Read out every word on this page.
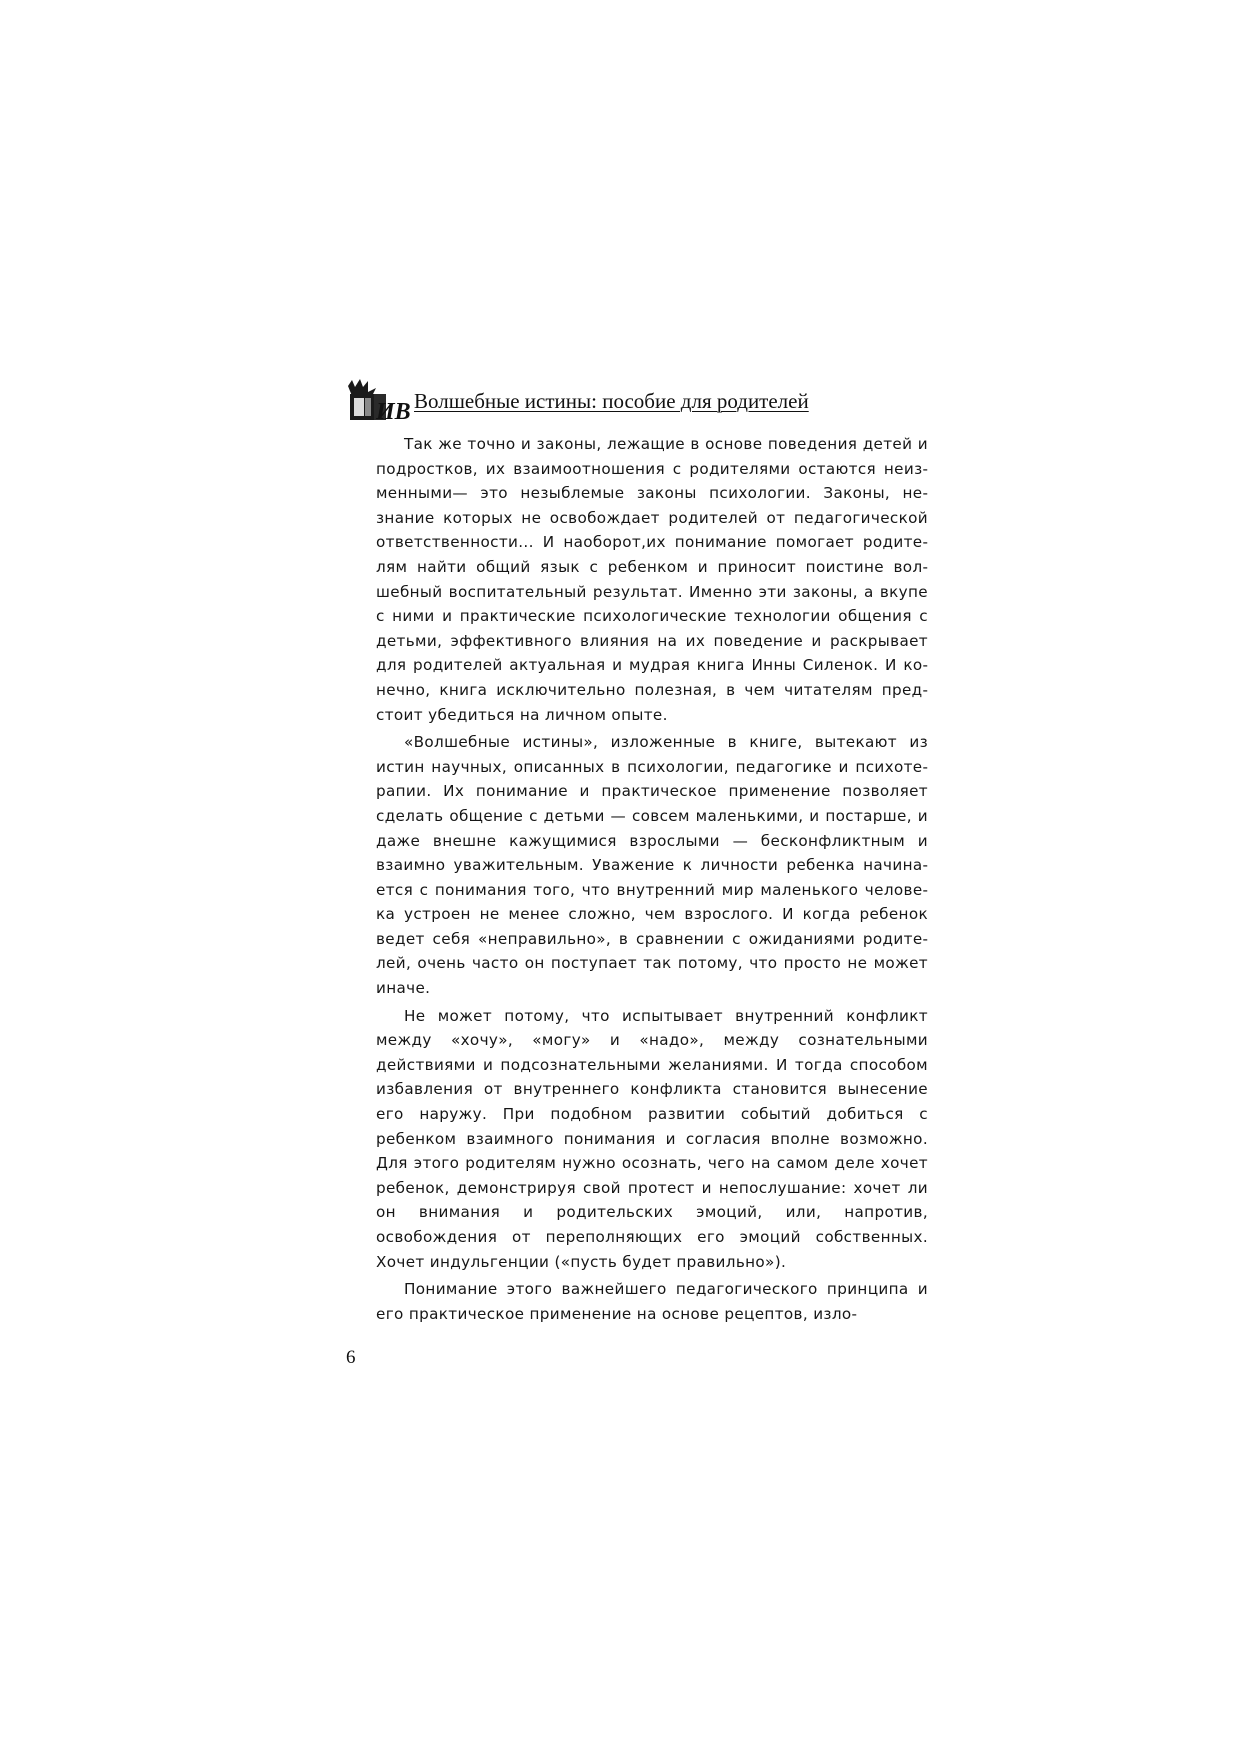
ИВ Волшебные истины: пособие для родителей

Так же точно и законы, лежащие в основе поведения детей и подростков, их взаимоотношения с родителями остаются неизменными— это незыблемые законы психологии. Законы, незнание которых не освобождает родителей от педагогической ответственности... И наоборот,их понимание помогает родителям найти общий язык с ребенком и приносит поистине волшебный воспитательный результат. Именно эти законы, а вкупе с ними и практические психологические технологии общения с детьми, эффективного влияния на их поведение и раскрывает для родителей актуальная и мудрая книга Инны Силенок. И конечно, книга исключительно полезная, в чем читателям предстоит убедиться на личном опыте.

«Волшебные истины», изложенные в книге, вытекают из истин научных, описанных в психологии, педагогике и психотерапии. Их понимание и практическое применение позволяет сделать общение с детьми — совсем маленькими, и постарше, и даже внешне кажущимися взрослыми — бесконфликтным и взаимно уважительным. Уважение к личности ребенка начинается с понимания того, что внутренний мир маленького человека устроен не менее сложно, чем взрослого. И когда ребенок ведет себя «неправильно», в сравнении с ожиданиями родителей, очень часто он поступает так потому, что просто не может иначе.

Не может потому, что испытывает внутренний конфликт между «хочу», «могу» и «надо», между сознательными действиями и подсознательными желаниями. И тогда способом избавления от внутреннего конфликта становится вынесение его наружу. При подобном развитии событий добиться с ребенком взаимного понимания и согласия вполне возможно. Для этого родителям нужно осознать, чего на самом деле хочет ребенок, демонстрируя свой протест и непослушание: хочет ли он внимания и родительских эмоций, или, напротив, освобождения от переполняющих его эмоций собственных. Хочет индульгенции («пусть будет правильно»).

Понимание этого важнейшего педагогического принципа и его практическое применение на основе рецептов, изло-

6
